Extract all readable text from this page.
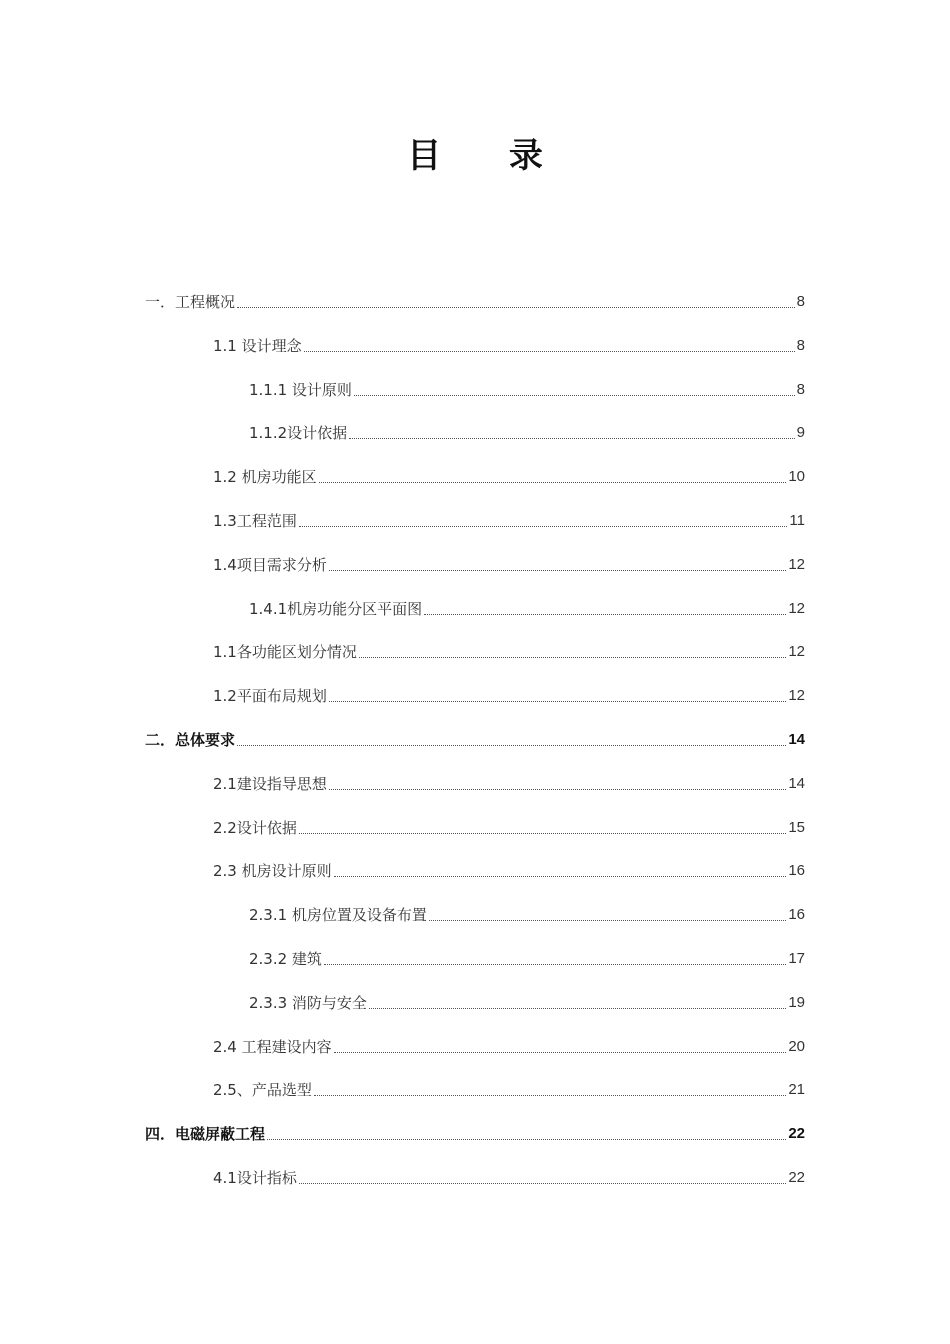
目 录
一．工程概况	8
1.1 设计理念	8
1.1.1 设计原则	8
1.1.2设计依据	9
1.2 机房功能区	10
1.3工程范围	11
1.4项目需求分析	12
1.4.1机房功能分区平面图	12
1.1各功能区划分情况	12
1.2平面布局规划	12
二．总体要求	14
2.1建设指导思想	14
2.2设计依据	15
2.3 机房设计原则	16
2.3.1 机房位置及设备布置	16
2.3.2 建筑	17
2.3.3 消防与安全	19
2.4 工程建设内容	20
2.5、产品选型	21
四．电磁屏蔽工程	22
4.1设计指标	22
